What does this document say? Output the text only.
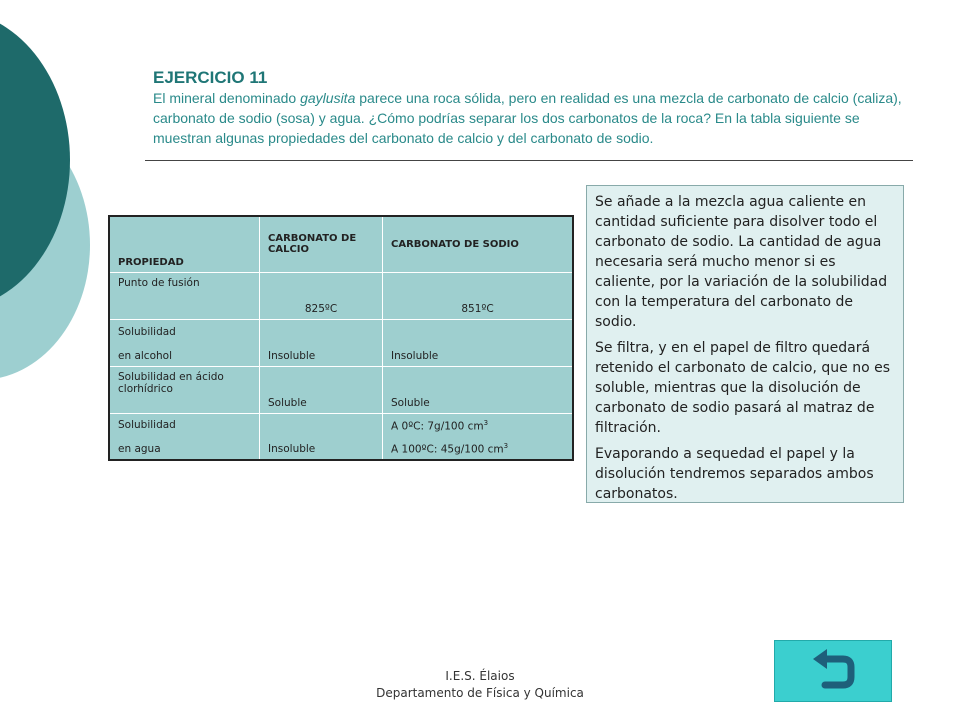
EJERCICIO 11
El mineral denominado gaylusita parece una roca sólida, pero en realidad es una mezcla de carbonato de calcio (caliza), carbonato de sodio (sosa) y agua. ¿Cómo podrías separar los dos carbonatos de la roca? En la tabla siguiente se muestran algunas propiedades del carbonato de calcio y del carbonato de sodio.
PROPIEDAD	CARBONATO DE CALCIO	CARBONATO DE SODIO
Punto de fusión	825ºC	851ºC

Solubilidad
en alcohol	Insoluble	Insoluble
Solubilidad en ácido clorhídrico	Soluble	Soluble

Solubilidad
en agua	Insoluble	A 0ºC: 7g/100 $cm^3$
A 100ºC: 45g/100 $cm^3$

Se añade a la mezcla agua caliente en cantidad suficiente para disolver todo el carbonato de sodio. La cantidad de agua necesaria será mucho menor si es caliente, por la variación de la solubilidad con la temperatura del carbonato de sodio.

Se filtra, y en el papel de filtro quedará retenido el carbonato de calcio, que no es soluble, mientras que la disolución de carbonato de sodio pasará al matraz de filtración.

Evaporando a sequedad el papel y la disolución tendremos separados ambos carbonatos.

I.E.S. Élaios
Departamento de Física y Química
